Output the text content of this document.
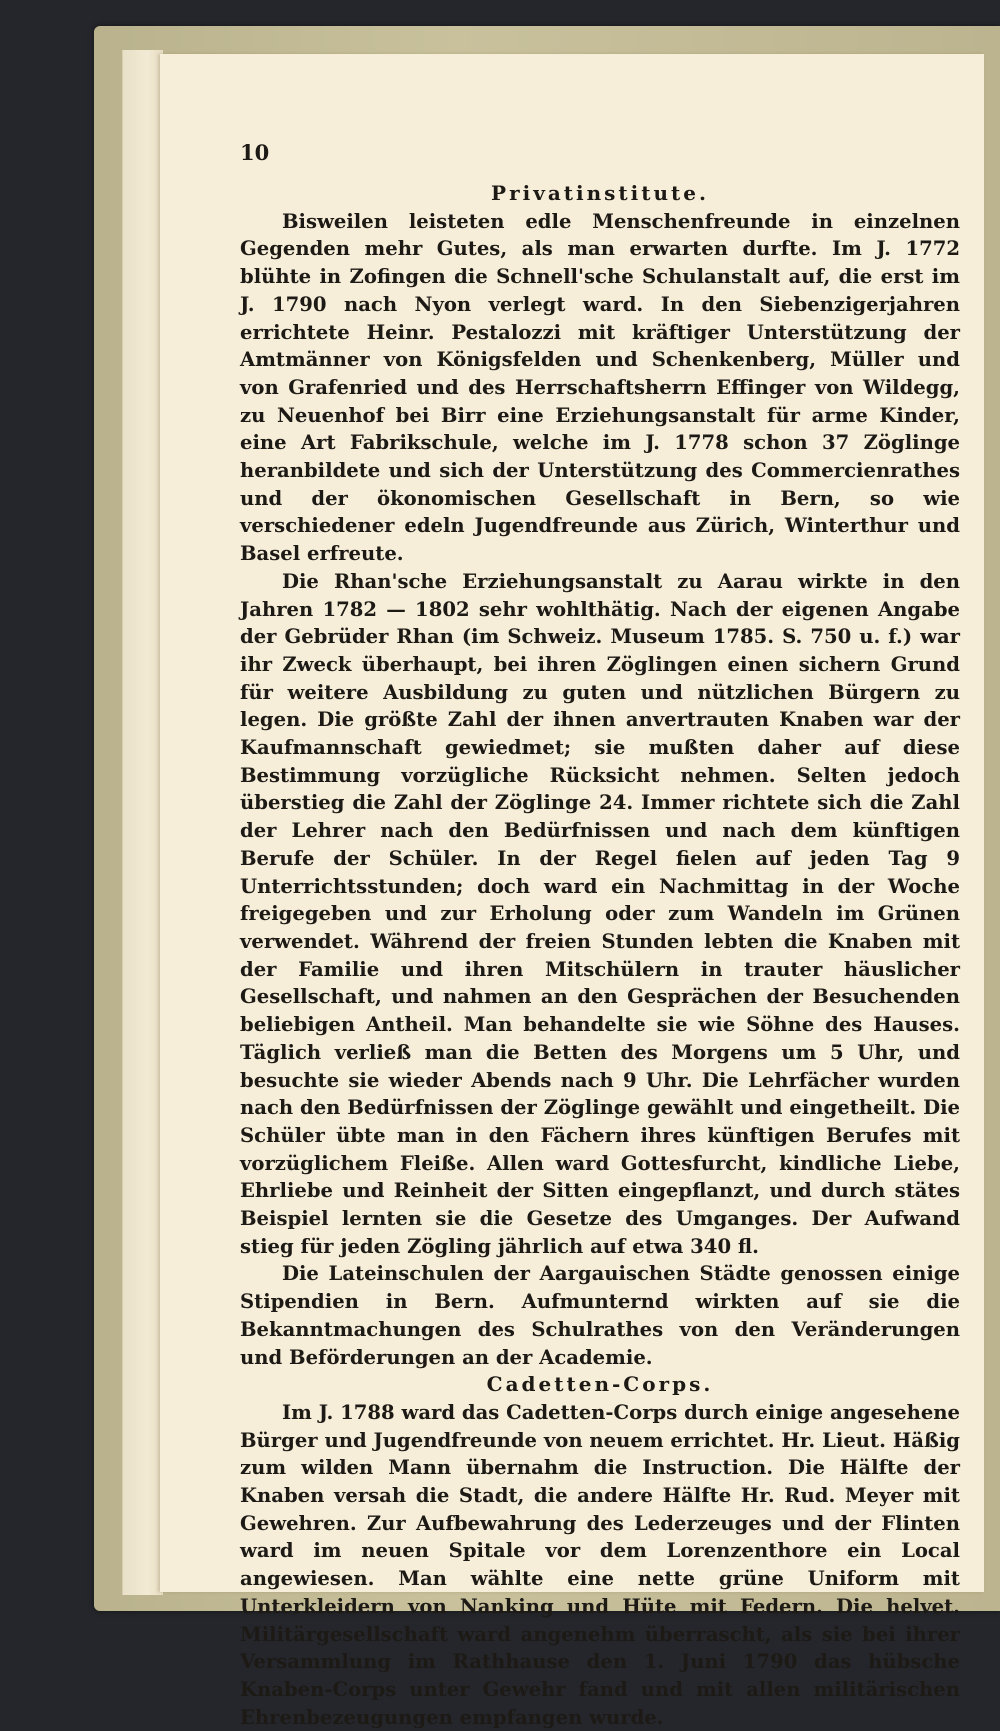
10
Privatinstitute.

Bisweilen leisteten edle Menschenfreunde in einzelnen Gegenden mehr Gutes, als man erwarten durfte. Im J. 1772 blühte in Zofingen die Schnell'sche Schulanstalt auf, die erst im J. 1790 nach Nyon verlegt ward. In den Siebenzigerjahren errichtete Heinr. Pestalozzi mit kräftiger Unterstützung der Amtmänner von Königsfelden und Schenkenberg, Müller und von Grafenried und des Herrschaftsherrn Effinger von Wildegg, zu Neuenhof bei Birr eine Erziehungsanstalt für arme Kinder, eine Art Fabrikschule, welche im J. 1778 schon 37 Zöglinge heranbildete und sich der Unterstützung des Commercienrathes und der ökonomischen Gesellschaft in Bern, so wie verschiedener edeln Jugendfreunde aus Zürich, Winterthur und Basel erfreute.

Die Rhan'sche Erziehungsanstalt zu Aarau wirkte in den Jahren 1782 — 1802 sehr wohlthätig. Nach der eigenen Angabe der Gebrüder Rhan (im Schweiz. Museum 1785. S. 750 u. f.) war ihr Zweck überhaupt, bei ihren Zöglingen einen sichern Grund für weitere Ausbildung zu guten und nützlichen Bürgern zu legen. Die größte Zahl der ihnen anvertrauten Knaben war der Kaufmannschaft gewiedmet; sie mußten daher auf diese Bestimmung vorzügliche Rücksicht nehmen. Selten jedoch überstieg die Zahl der Zöglinge 24. Immer richtete sich die Zahl der Lehrer nach den Bedürfnissen und nach dem künftigen Berufe der Schüler. In der Regel fielen auf jeden Tag 9 Unterrichtsstunden; doch ward ein Nachmittag in der Woche freigegeben und zur Erholung oder zum Wandeln im Grünen verwendet. Während der freien Stunden lebten die Knaben mit der Familie und ihren Mitschülern in trauter häuslicher Gesellschaft, und nahmen an den Gesprächen der Besuchenden beliebigen Antheil. Man behandelte sie wie Söhne des Hauses. Täglich verließ man die Betten des Morgens um 5 Uhr, und besuchte sie wieder Abends nach 9 Uhr. Die Lehrfächer wurden nach den Bedürfnissen der Zöglinge gewählt und eingetheilt. Die Schüler übte man in den Fächern ihres künftigen Berufes mit vorzüglichem Fleiße. Allen ward Gottesfurcht, kindliche Liebe, Ehrliebe und Reinheit der Sitten eingepflanzt, und durch stätes Beispiel lernten sie die Gesetze des Umganges. Der Aufwand stieg für jeden Zögling jährlich auf etwa 340 fl.

Die Lateinschulen der Aargauischen Städte genossen einige Stipendien in Bern. Aufmunternd wirkten auf sie die Bekanntmachungen des Schulrathes von den Veränderungen und Beförderungen an der Academie.

Cadetten-Corps.

Im J. 1788 ward das Cadetten-Corps durch einige angesehene Bürger und Jugendfreunde von neuem errichtet. Hr. Lieut. Häßig zum wilden Mann übernahm die Instruction. Die Hälfte der Knaben versah die Stadt, die andere Hälfte Hr. Rud. Meyer mit Gewehren. Zur Aufbewahrung des Lederzeuges und der Flinten ward im neuen Spitale vor dem Lorenzenthore ein Local angewiesen. Man wählte eine nette grüne Uniform mit Unterkleidern von Nanking und Hüte mit Federn. Die helvet. Militärgesellschaft ward angenehm überrascht, als sie bei ihrer Versammlung im Rathhause den 1. Juni 1790 das hübsche Knaben-Corps unter Gewehr fand und mit allen militärischen Ehrenbezeugungen empfangen wurde.
